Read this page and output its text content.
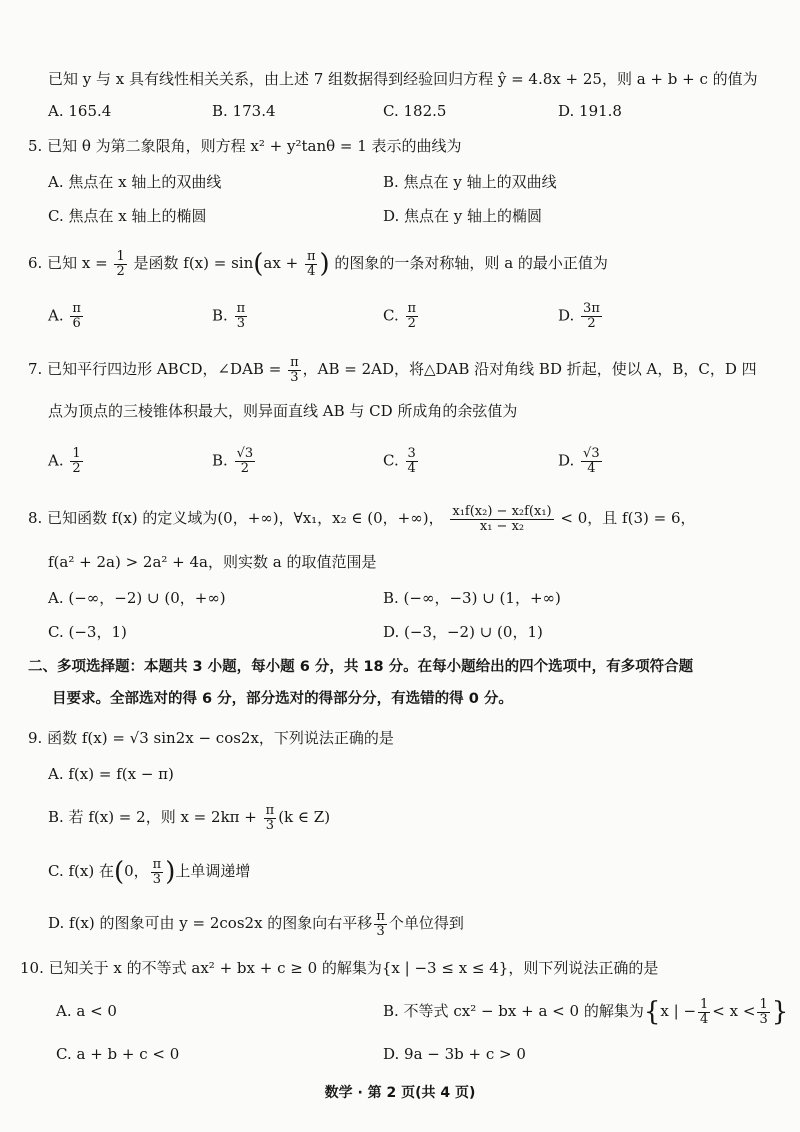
已知 y 与 x 具有线性相关关系，由上述 7 组数据得到经验回归方程 ŷ = 4.8x + 25，则 a + b + c 的值为
A. 165.4	B. 173.4	C. 182.5	D. 191.8
5. 已知 θ 为第二象限角，则方程 x² + y²tanθ = 1 表示的曲线为
A. 焦点在 x 轴上的双曲线	B. 焦点在 y 轴上的双曲线
C. 焦点在 x 轴上的椭圆	D. 焦点在 y 轴上的椭圆
6. 已知 $x = \frac{1}{2}$ 是函数 $f(x) = \sin(ax + \frac{\pi}{4}$ ) 的图象的一条对称轴，则 a 的最小正值为
A. $\frac{\pi}{6}$	B. $\frac{\pi}{3}$	C. $\frac{\pi}{2}$	D. $\frac{3\pi}{2}$
7. 已知平行四边形 ABCD，∠DAB = $\frac{\pi}{3}$ ，AB = 2AD，将△DAB 沿对角线 BD 折起，使以 A，B，C，D 四
点为顶点的三棱锥体积最大，则异面直线 AB 与 CD 所成角的余弦值为
A. $\frac{1}{2}$	B. $\frac{√3}{2}$	C. $\frac{3}{4}$	D. $\frac{√3}{4}$
8. 已知函数 f(x) 的定义域为(0，+∞)，∀x₁，x₂ ∈ (0，+∞)， $\frac{\text{x₁f(x₂) − x₂f(x₁)}}{\text{x₁ − x₂}} < 0$，且 f(3) = 6，
f(a² + 2a) > 2a² + 4a，则实数 a 的取值范围是
A. (−∞，−2) ∪ (0，+∞)	B. (−∞，−3) ∪ (1，+∞)
C. (−3，1)	D. (−3，−2) ∪ (0，1)
二、多项选择题：本题共 3 小题，每小题 6 分，共 18 分。在每小题给出的四个选项中，有多项符合题
目要求。全部选对的得 6 分，部分选对的得部分分，有选错的得 0 分。
9. 函数 f(x) = √3 sin2x − cos2x，下列说法正确的是
A. f(x) = f(x − π)
B. 若 f(x) = 2，则 $x = 2k\pi + \frac{\pi}{3} (k$ ∈ Z)
C. f(x) 在(0， $\frac{\pi}{3}$ )上单调递增
D. f(x) 的图象可由 y = 2cos2x 的图象向右平移 $\frac{\pi}{3}$ 个单位得到
10. 已知关于 x 的不等式 ax² + bx + c ≥ 0 的解集为{x | −3 ≤ x ≤ 4}，则下列说法正确的是
A. a < 0	B. 不等式 cx² − bx + a < 0 的解集为{x | − $\frac{1}{4} < x < \frac{1}{3}$ }
C. a + b + c < 0	D. 9a − 3b + c > 0
数学 · 第 2 页(共 4 页)
